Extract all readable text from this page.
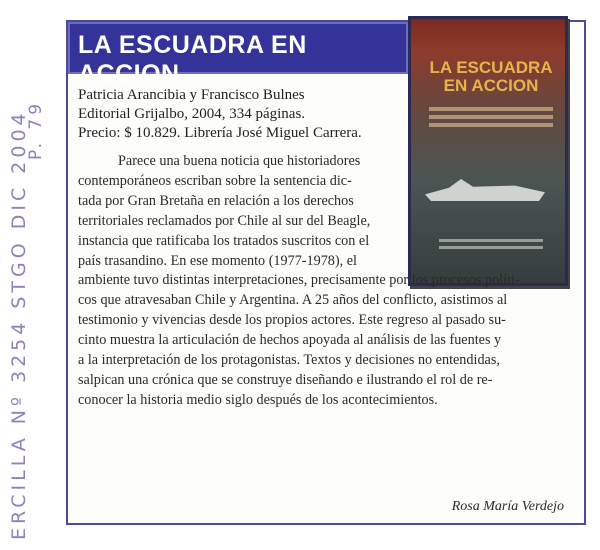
ERCILLA Nº 3254 STGO DIC 2004
P. 79
LA ESCUADRA EN ACCION	LA ESCUADRA EN ACCION
Patricia Arancibia y Francisco Bulnes
Editorial Grijalbo, 2004, 334 páginas.
Precio: $ 10.829. Librería José Miguel Carrera.
Parece una buena noticia que historiadores
contemporáneos escriban sobre la sentencia dic-
tada por Gran Bretaña en relación a los derechos
territoriales reclamados por Chile al sur del Beagle,
instancia que ratificaba los tratados suscritos con el
país trasandino. En ese momento (1977-1978), el
ambiente tuvo distintas interpretaciones, precisamente por los procesos políti-
cos que atravesaban Chile y Argentina. A 25 años del conflicto, asistimos al
testimonio y vivencias desde los propios actores. Este regreso al pasado su-
cinto muestra la articulación de hechos apoyada al análisis de las fuentes y
a la interpretación de los protagonistas. Textos y decisiones no entendidas,
salpican una crónica que se construye diseñando e ilustrando el rol de re-
conocer la historia medio siglo después de los acontecimientos.
Rosa María Verdejo
